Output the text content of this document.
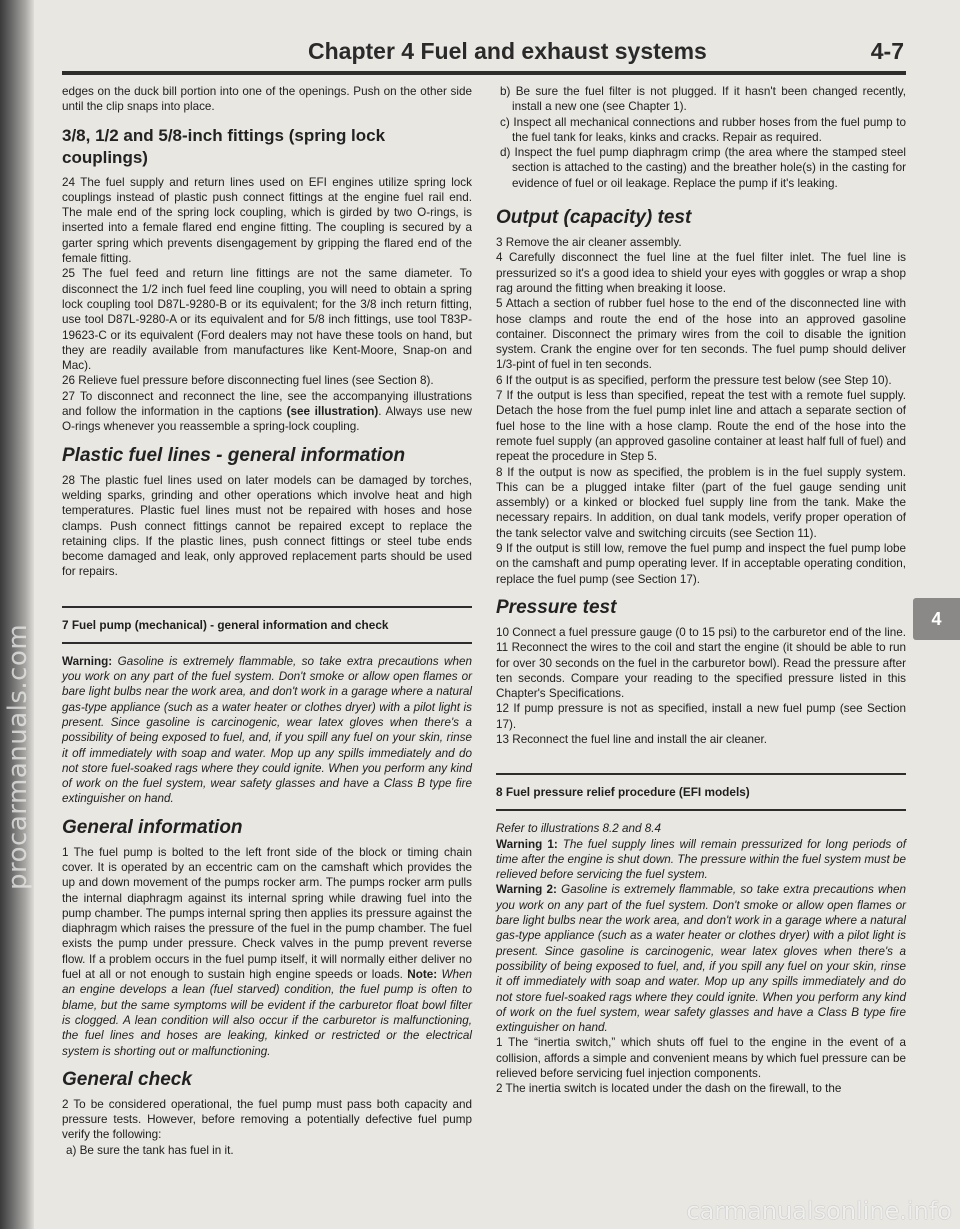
Chapter 4 Fuel and exhaust systems	4-7
4

edges on the duck bill portion into one of the openings. Push on the other side until the clip snaps into place.

3/8, 1/2 and 5/8-inch fittings (spring lock couplings)

24 The fuel supply and return lines used on EFI engines utilize spring lock couplings instead of plastic push connect fittings at the engine fuel rail end. The male end of the spring lock coupling, which is girded by two O-rings, is inserted into a female flared end engine fitting. The coupling is secured by a garter spring which prevents disengagement by gripping the flared end of the female fitting.

25 The fuel feed and return line fittings are not the same diameter. To disconnect the 1/2 inch fuel feed line coupling, you will need to obtain a spring lock coupling tool D87L-9280-B or its equivalent; for the 3/8 inch return fitting, use tool D87L-9280-A or its equivalent and for 5/8 inch fittings, use tool T83P-19623-C or its equivalent (Ford dealers may not have these tools on hand, but they are readily available from manufactures like Kent-Moore, Snap-on and Mac).

26 Relieve fuel pressure before disconnecting fuel lines (see Section 8).

27 To disconnect and reconnect the line, see the accompanying illustrations and follow the information in the captions (see illustration). Always use new O-rings whenever you reassemble a spring-lock coupling.

Plastic fuel lines - general information

28 The plastic fuel lines used on later models can be damaged by torches, welding sparks, grinding and other operations which involve heat and high temperatures. Plastic fuel lines must not be repaired with hoses and hose clamps. Push connect fittings cannot be repaired except to replace the retaining clips. If the plastic lines, push connect fittings or steel tube ends become damaged and leak, only approved replacement parts should be used for repairs.

7 Fuel pump (mechanical) - general information and check

Warning: Gasoline is extremely flammable, so take extra precautions when you work on any part of the fuel system. Don't smoke or allow open flames or bare light bulbs near the work area, and don't work in a garage where a natural gas-type appliance (such as a water heater or clothes dryer) with a pilot light is present. Since gasoline is carcinogenic, wear latex gloves when there's a possibility of being exposed to fuel, and, if you spill any fuel on your skin, rinse it off immediately with soap and water. Mop up any spills immediately and do not store fuel-soaked rags where they could ignite. When you perform any kind of work on the fuel system, wear safety glasses and have a Class B type fire extinguisher on hand.

General information

1 The fuel pump is bolted to the left front side of the block or timing chain cover. It is operated by an eccentric cam on the camshaft which provides the up and down movement of the pumps rocker arm. The pumps rocker arm pulls the internal diaphragm against its internal spring while drawing fuel into the pump chamber. The pumps internal spring then applies its pressure against the diaphragm which raises the pressure of the fuel in the pump chamber. The fuel exists the pump under pressure. Check valves in the pump prevent reverse flow. If a problem occurs in the fuel pump itself, it will normally either deliver no fuel at all or not enough to sustain high engine speeds or loads. Note: When an engine develops a lean (fuel starved) condition, the fuel pump is often to blame, but the same symptoms will be evident if the carburetor float bowl filter is clogged. A lean condition will also occur if the carburetor is malfunctioning, the fuel lines and hoses are leaking, kinked or restricted or the electrical system is shorting out or malfunctioning.

General check

2 To be considered operational, the fuel pump must pass both capacity and pressure tests. However, before removing a potentially defective fuel pump verify the following:

a) Be sure the tank has fuel in it.

b) Be sure the fuel filter is not plugged. If it hasn't been changed recently, install a new one (see Chapter 1).

c) Inspect all mechanical connections and rubber hoses from the fuel pump to the fuel tank for leaks, kinks and cracks. Repair as required.

d) Inspect the fuel pump diaphragm crimp (the area where the stamped steel section is attached to the casting) and the breather hole(s) in the casting for evidence of fuel or oil leakage. Replace the pump if it's leaking.

Output (capacity) test

3 Remove the air cleaner assembly.

4 Carefully disconnect the fuel line at the fuel filter inlet. The fuel line is pressurized so it's a good idea to shield your eyes with goggles or wrap a shop rag around the fitting when breaking it loose.

5 Attach a section of rubber fuel hose to the end of the disconnected line with hose clamps and route the end of the hose into an approved gasoline container. Disconnect the primary wires from the coil to disable the ignition system. Crank the engine over for ten seconds. The fuel pump should deliver 1/3-pint of fuel in ten seconds.

6 If the output is as specified, perform the pressure test below (see Step 10).

7 If the output is less than specified, repeat the test with a remote fuel supply. Detach the hose from the fuel pump inlet line and attach a separate section of fuel hose to the line with a hose clamp. Route the end of the hose into the remote fuel supply (an approved gasoline container at least half full of fuel) and repeat the procedure in Step 5.

8 If the output is now as specified, the problem is in the fuel supply system. This can be a plugged intake filter (part of the fuel gauge sending unit assembly) or a kinked or blocked fuel supply line from the tank. Make the necessary repairs. In addition, on dual tank models, verify proper operation of the tank selector valve and switching circuits (see Section 11).

9 If the output is still low, remove the fuel pump and inspect the fuel pump lobe on the camshaft and pump operating lever. If in acceptable operating condition, replace the fuel pump (see Section 17).

Pressure test

10 Connect a fuel pressure gauge (0 to 15 psi) to the carburetor end of the line.

11 Reconnect the wires to the coil and start the engine (it should be able to run for over 30 seconds on the fuel in the carburetor bowl). Read the pressure after ten seconds. Compare your reading to the specified pressure listed in this Chapter's Specifications.

12 If pump pressure is not as specified, install a new fuel pump (see Section 17).

13 Reconnect the fuel line and install the air cleaner.

8 Fuel pressure relief procedure (EFI models)

Refer to illustrations 8.2 and 8.4

Warning 1: The fuel supply lines will remain pressurized for long periods of time after the engine is shut down. The pressure within the fuel system must be relieved before servicing the fuel system.

Warning 2: Gasoline is extremely flammable, so take extra precautions when you work on any part of the fuel system. Don't smoke or allow open flames or bare light bulbs near the work area, and don't work in a garage where a natural gas-type appliance (such as a water heater or clothes dryer) with a pilot light is present. Since gasoline is carcinogenic, wear latex gloves when there's a possibility of being exposed to fuel, and, if you spill any fuel on your skin, rinse it off immediately with soap and water. Mop up any spills immediately and do not store fuel-soaked rags where they could ignite. When you perform any kind of work on the fuel system, wear safety glasses and have a Class B type fire extinguisher on hand.

1 The “inertia switch,” which shuts off fuel to the engine in the event of a collision, affords a simple and convenient means by which fuel pressure can be relieved before servicing fuel injection components.

2 The inertia switch is located under the dash on the firewall, to the

carmanualsonline.info
